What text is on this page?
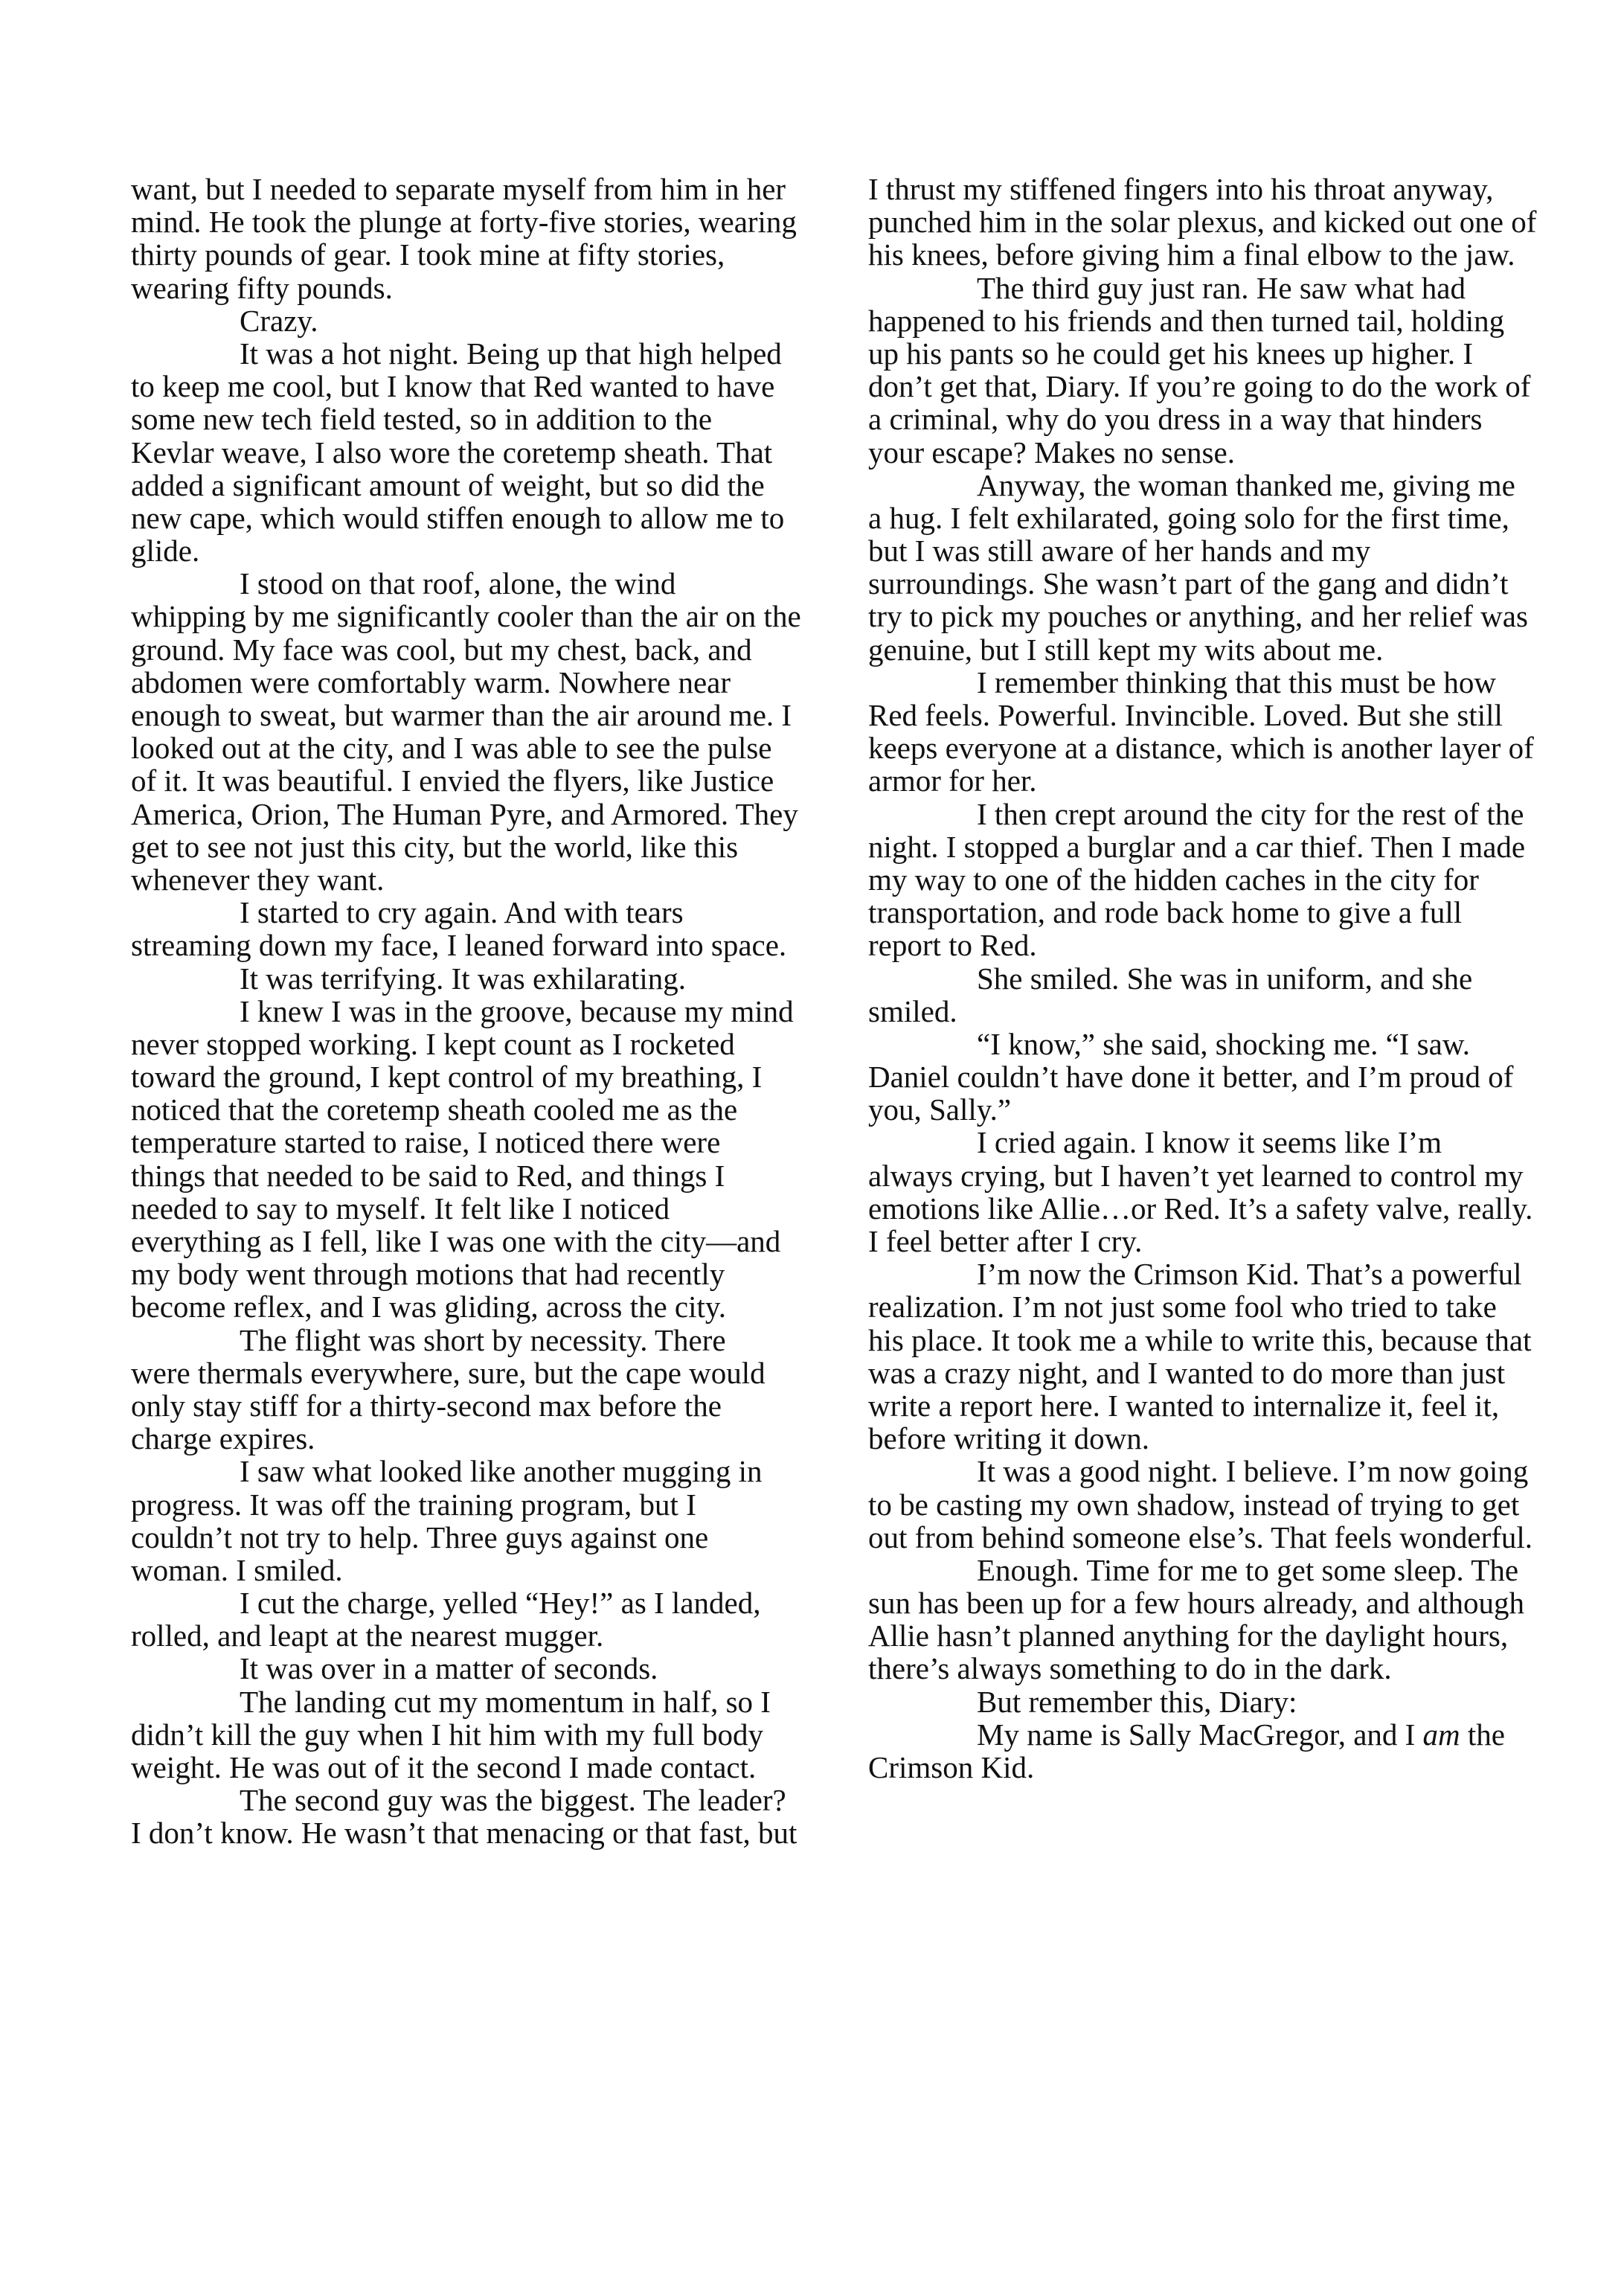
want, but I needed to separate myself from him in her
mind. He took the plunge at forty-five stories, wearing
thirty pounds of gear. I took mine at fifty stories,
wearing fifty pounds.
Crazy.
It was a hot night. Being up that high helped
to keep me cool, but I know that Red wanted to have
some new tech field tested, so in addition to the
Kevlar weave, I also wore the coretemp sheath. That
added a significant amount of weight, but so did the
new cape, which would stiffen enough to allow me to
glide.
I stood on that roof, alone, the wind
whipping by me significantly cooler than the air on the
ground. My face was cool, but my chest, back, and
abdomen were comfortably warm. Nowhere near
enough to sweat, but warmer than the air around me. I
looked out at the city, and I was able to see the pulse
of it. It was beautiful. I envied the flyers, like Justice
America, Orion, The Human Pyre, and Armored. They
get to see not just this city, but the world, like this
whenever they want.
I started to cry again. And with tears
streaming down my face, I leaned forward into space.
It was terrifying. It was exhilarating.
I knew I was in the groove, because my mind
never stopped working. I kept count as I rocketed
toward the ground, I kept control of my breathing, I
noticed that the coretemp sheath cooled me as the
temperature started to raise, I noticed there were
things that needed to be said to Red, and things I
needed to say to myself. It felt like I noticed
everything as I fell, like I was one with the city—and
my body went through motions that had recently
become reflex, and I was gliding, across the city.
The flight was short by necessity. There
were thermals everywhere, sure, but the cape would
only stay stiff for a thirty-second max before the
charge expires.
I saw what looked like another mugging in
progress. It was off the training program, but I
couldn’t not try to help. Three guys against one
woman. I smiled.
I cut the charge, yelled “Hey!” as I landed,
rolled, and leapt at the nearest mugger.
It was over in a matter of seconds.
The landing cut my momentum in half, so I
didn’t kill the guy when I hit him with my full body
weight. He was out of it the second I made contact.
The second guy was the biggest. The leader?
I don’t know. He wasn’t that menacing or that fast, but
I thrust my stiffened fingers into his throat anyway,
punched him in the solar plexus, and kicked out one of
his knees, before giving him a final elbow to the jaw.
The third guy just ran. He saw what had
happened to his friends and then turned tail, holding
up his pants so he could get his knees up higher. I
don’t get that, Diary. If you’re going to do the work of
a criminal, why do you dress in a way that hinders
your escape? Makes no sense.
Anyway, the woman thanked me, giving me
a hug. I felt exhilarated, going solo for the first time,
but I was still aware of her hands and my
surroundings. She wasn’t part of the gang and didn’t
try to pick my pouches or anything, and her relief was
genuine, but I still kept my wits about me.
I remember thinking that this must be how
Red feels. Powerful. Invincible. Loved. But she still
keeps everyone at a distance, which is another layer of
armor for her.
I then crept around the city for the rest of the
night. I stopped a burglar and a car thief. Then I made
my way to one of the hidden caches in the city for
transportation, and rode back home to give a full
report to Red.
She smiled. She was in uniform, and she
smiled.
“I know,” she said, shocking me. “I saw.
Daniel couldn’t have done it better, and I’m proud of
you, Sally.”
I cried again. I know it seems like I’m
always crying, but I haven’t yet learned to control my
emotions like Allie…or Red. It’s a safety valve, really.
I feel better after I cry.
I’m now the Crimson Kid. That’s a powerful
realization. I’m not just some fool who tried to take
his place. It took me a while to write this, because that
was a crazy night, and I wanted to do more than just
write a report here. I wanted to internalize it, feel it,
before writing it down.
It was a good night. I believe. I’m now going
to be casting my own shadow, instead of trying to get
out from behind someone else’s. That feels wonderful.
Enough. Time for me to get some sleep. The
sun has been up for a few hours already, and although
Allie hasn’t planned anything for the daylight hours,
there’s always something to do in the dark.
But remember this, Diary:
My name is Sally MacGregor, and I am the
Crimson Kid.
